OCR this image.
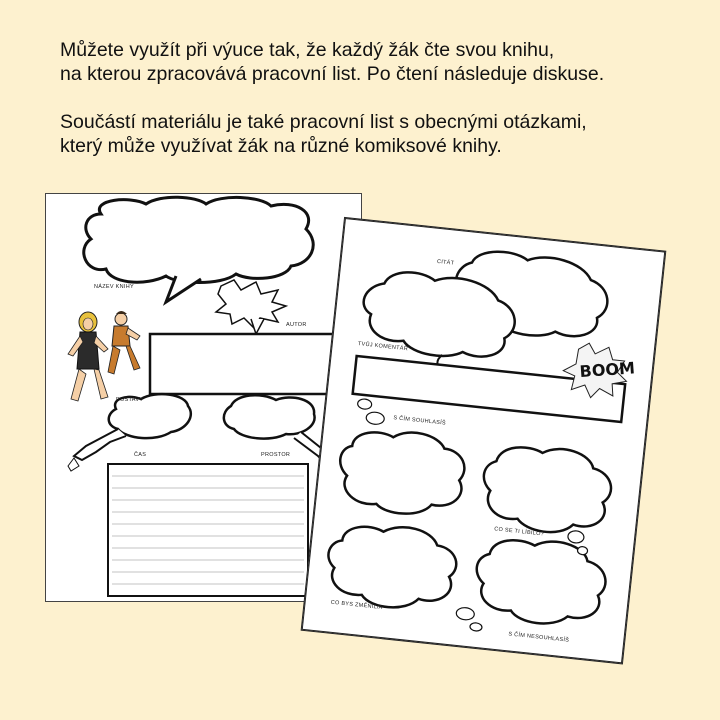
Můžete využít při výuce tak, že každý žák čte svou knihu,
na kterou zpracovává pracovní list. Po čtení následuje diskuse.

Součástí materiálu je také pracovní list s obecnými otázkami,
který může využívat žák na různé komiksové knihy.

NÁZEV KNIHY
AUTOR
POSTAVY
ČAS	PROSTOR
CITÁT
TVŮJ KOMENTÁŘ
BOOM
S ČÍM SOUHLASÍŠ
CO SE TI LÍBILO?
CO BYS ZMĚNIL/A
S ČÍM NESOUHLASÍŠ
